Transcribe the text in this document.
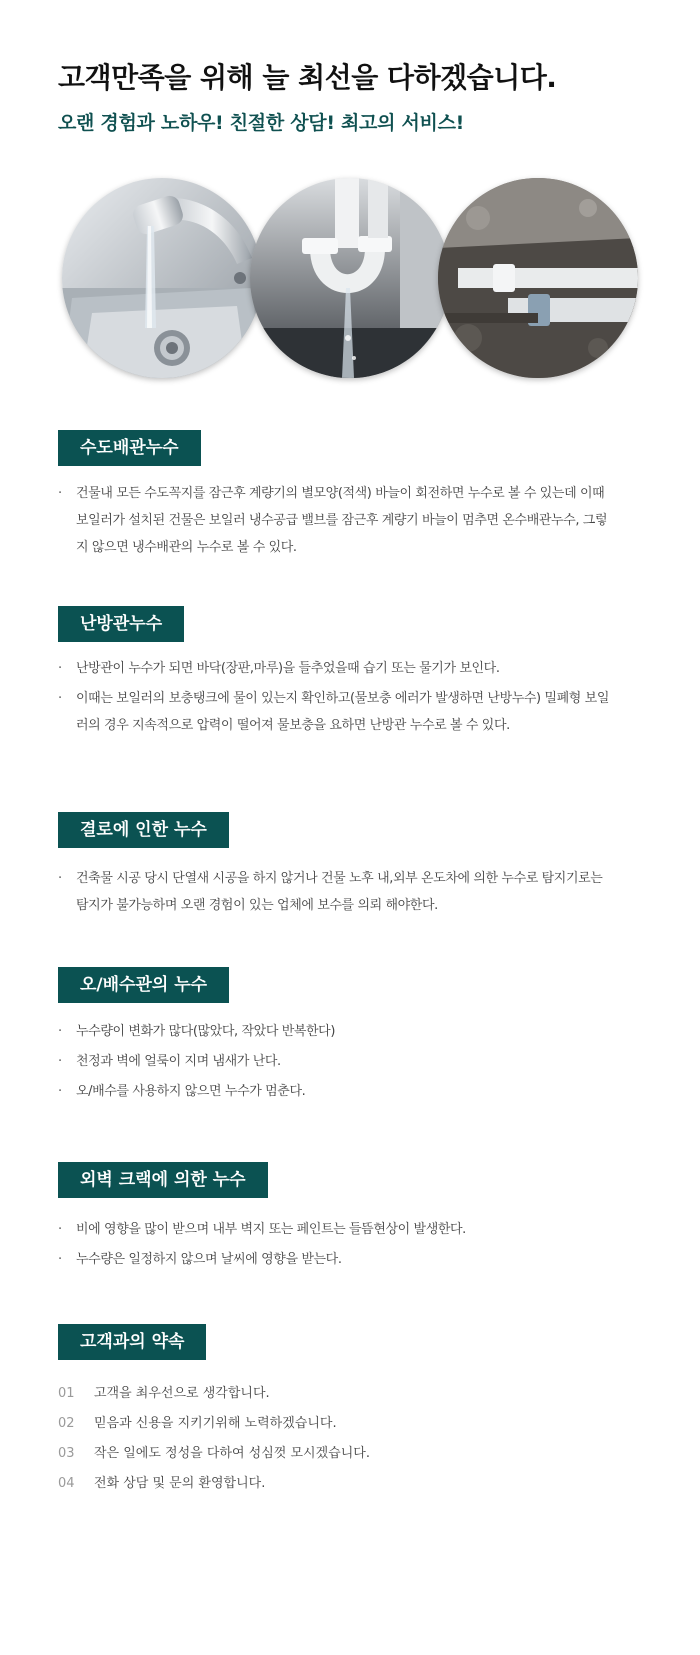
고객만족을 위해 늘 최선을 다하겠습니다.
오랜 경험과 노하우! 친절한 상담! 최고의 서비스!
수도배관누수
· 건물내 모든 수도꼭지를 잠근후 계량기의 별모양(적색) 바늘이 회전하면 누수로 볼 수 있는데 이때 보일러가 설치된 건물은 보일러 냉수공급 밸브를 잠근후 계량기 바늘이 멈추면 온수배관누수, 그렇지 않으면 냉수배관의 누수로 볼 수 있다.
난방관누수
· 난방관이 누수가 되면 바닥(장판,마루)을 들추었을때 습기 또는 물기가 보인다.
· 이때는 보일러의 보충탱크에 물이 있는지 확인하고(물보충 에러가 발생하면 난방누수) 밀폐형 보일러의 경우 지속적으로 압력이 떨어져 물보충을 요하면 난방관 누수로 볼 수 있다.
결로에 인한 누수
· 건축물 시공 당시 단열새 시공을 하지 않거나 건물 노후 내,외부 온도차에 의한 누수로 탐지기로는 탐지가 불가능하며 오랜 경험이 있는 업체에 보수를 의뢰 해야한다.
오/배수관의 누수
· 누수량이 변화가 많다(많았다, 작았다 반복한다)
· 천정과 벽에 얼룩이 지며 냄새가 난다.
· 오/배수를 사용하지 않으면 누수가 멈춘다.
외벽 크랙에 의한 누수
· 비에 영향을 많이 받으며 내부 벽지 또는 페인트는 들뜸현상이 발생한다.
· 누수량은 일정하지 않으며 날씨에 영향을 받는다.
고객과의 약속
01 고객을 최우선으로 생각합니다.
02 믿음과 신용을 지키기위해 노력하겠습니다.
03 작은 일에도 정성을 다하여 성심껏 모시겠습니다.
04 전화 상담 및 문의 환영합니다.
